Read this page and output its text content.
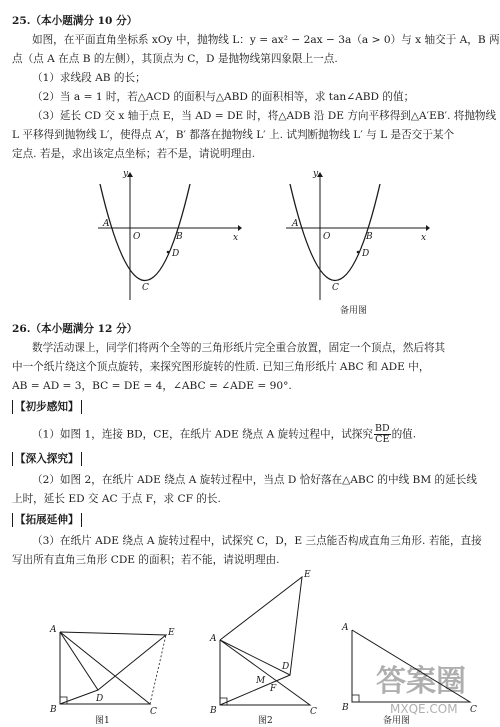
25.（本小题满分 10 分）
如图，在平面直角坐标系 xOy 中，抛物线 L：y = ax² − 2ax − 3a（a > 0）与 x 轴交于 A，B 两
点（点 A 在点 B 的左侧），其顶点为 C，D 是抛物线第四象限上一点.
（1）求线段 AB 的长；
（2）当 a = 1 时，若△ACD 的面积与△ABD 的面积相等，求 tan∠ABD 的值；
（3）延长 CD 交 x 轴于点 E，当 AD = DE 时，将△ADB 沿 DE 方向平移得到△A′EB′. 将抛物线
L 平移得到抛物线 L′，使得点 A′，B′ 都落在抛物线 L′ 上. 试判断抛物线 L′ 与 L 是否交于某个
定点. 若是，求出该定点坐标；若不是，请说明理由.
y
x
A
O	B
C
D
y
x
A
O	B
C
D
备用图
26.（本小题满分 12 分）
数学活动课上，同学们将两个全等的三角形纸片完全重合放置，固定一个顶点，然后将其
中一个纸片绕这个顶点旋转，来探究图形旋转的性质. 已知三角形纸片 ABC 和 ADE 中，
AB = AD = 3，BC = DE = 4，∠ABC = ∠ADE = 90°.
【初步感知】
（1）如图 1，连接 BD，CE，在纸片 ADE 绕点 A 旋转过程中，试探究 $\frac{BD}{CE}$ 的值.
【深入探究】
（2）如图 2，在纸片 ADE 绕点 A 旋转过程中，当点 D 恰好落在△ABC 的中线 BM 的延长线
上时，延长 ED 交 AC 于点 F，求 CF 的长.
【拓展延伸】
（3）在纸片 ADE 绕点 A 旋转过程中，试探究 C，D，E 三点能否构成直角三角形. 若能，直接
写出所有直角三角形 CDE 的面积；若不能，请说明理由.
A	E
D
B	C
图1
A
E
D
M
F
B	C
图2
A
B	C
备用图
答案圈
MXQE.COM
